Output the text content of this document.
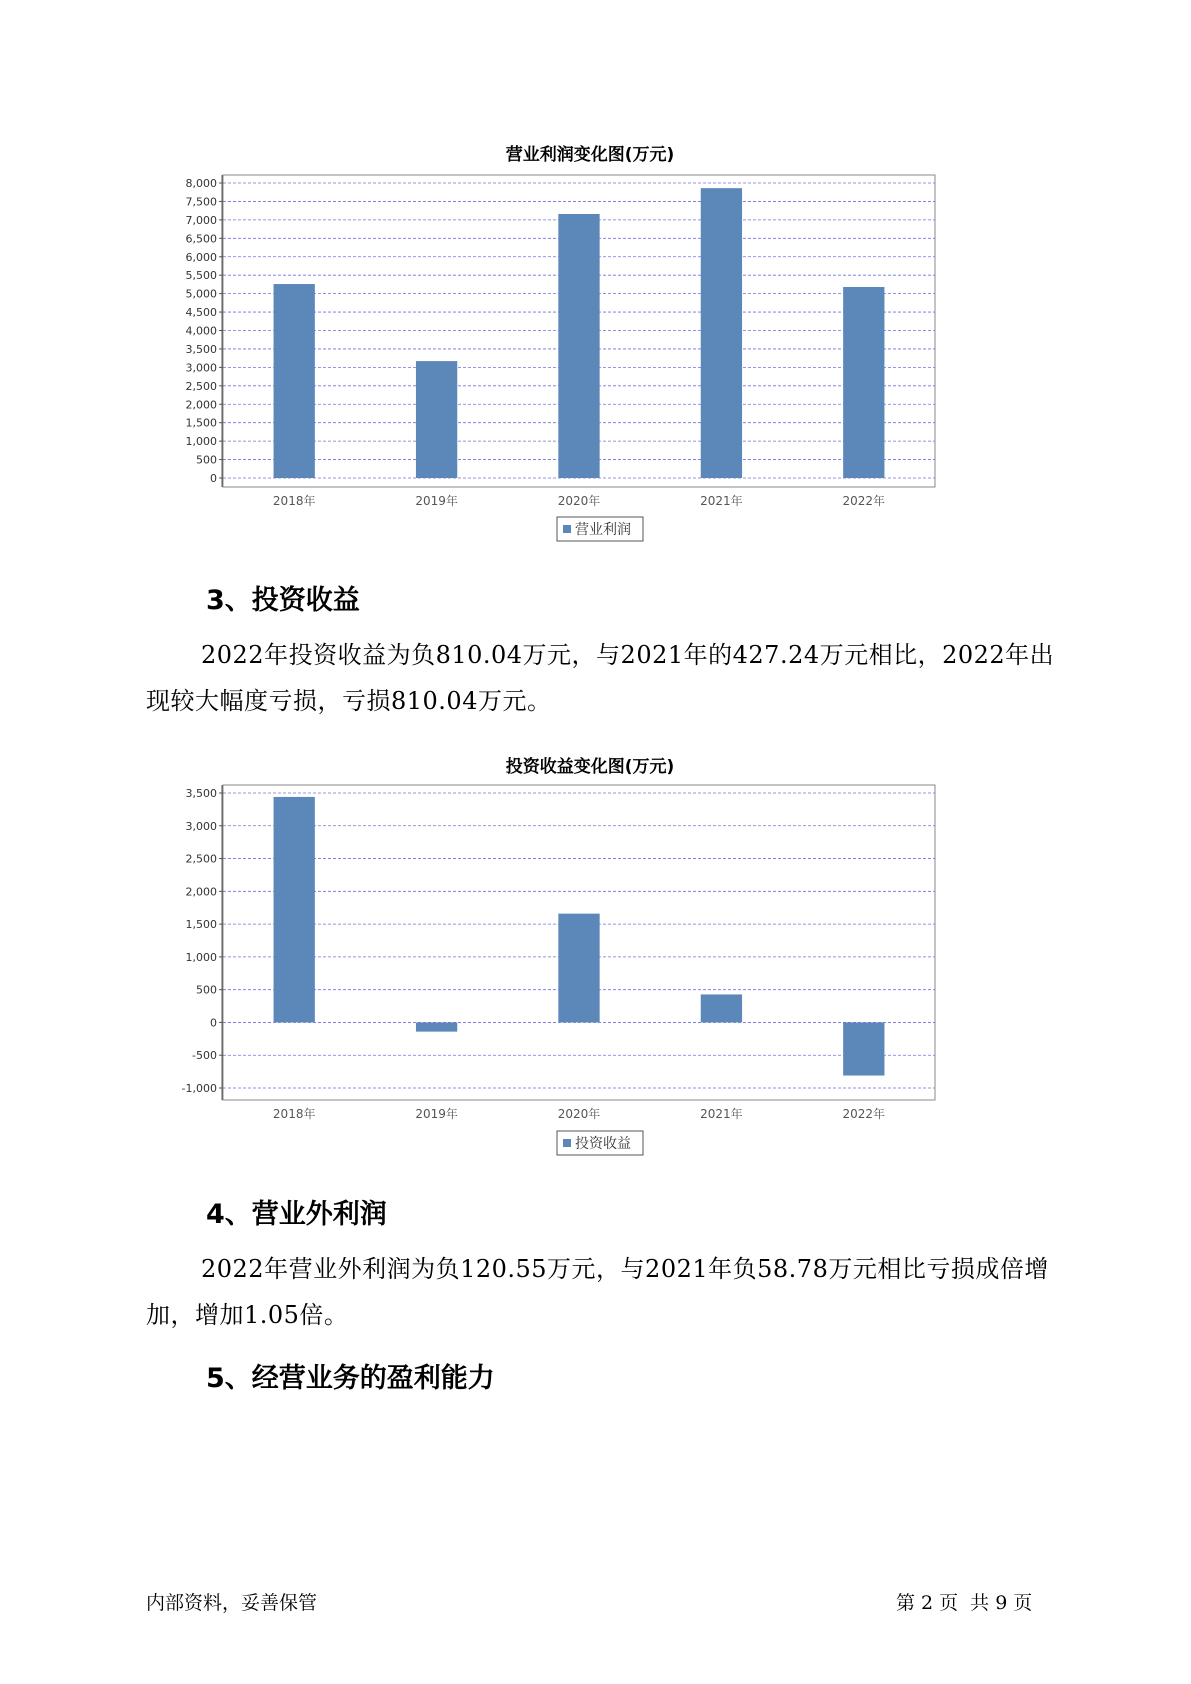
营业利润变化图(万元)
0
500
1,000
1,500
2,000
2,500
3,000
3,500
4,000
4,500
5,000
5,500
6,000
6,500
7,000
7,500
8,000
2018年	2019年	2020年	2021年	2022年
营业利润
3、投资收益

2022年投资收益为负810.04万元，与2021年的427.24万元相比，2022年出现较大幅度亏损，亏损810.04万元。

投资收益变化图(万元)
-1,000
-500
0
500
1,000
1,500
2,000
2,500
3,000
3,500
2018年	2019年	2020年	2021年	2022年
投资收益
4、营业外利润

2022年营业外利润为负120.55万元，与2021年负58.78万元相比亏损成倍增加，增加1.05倍。

5、经营业务的盈利能力
内部资料，妥善保管	第 2 页 共 9 页
